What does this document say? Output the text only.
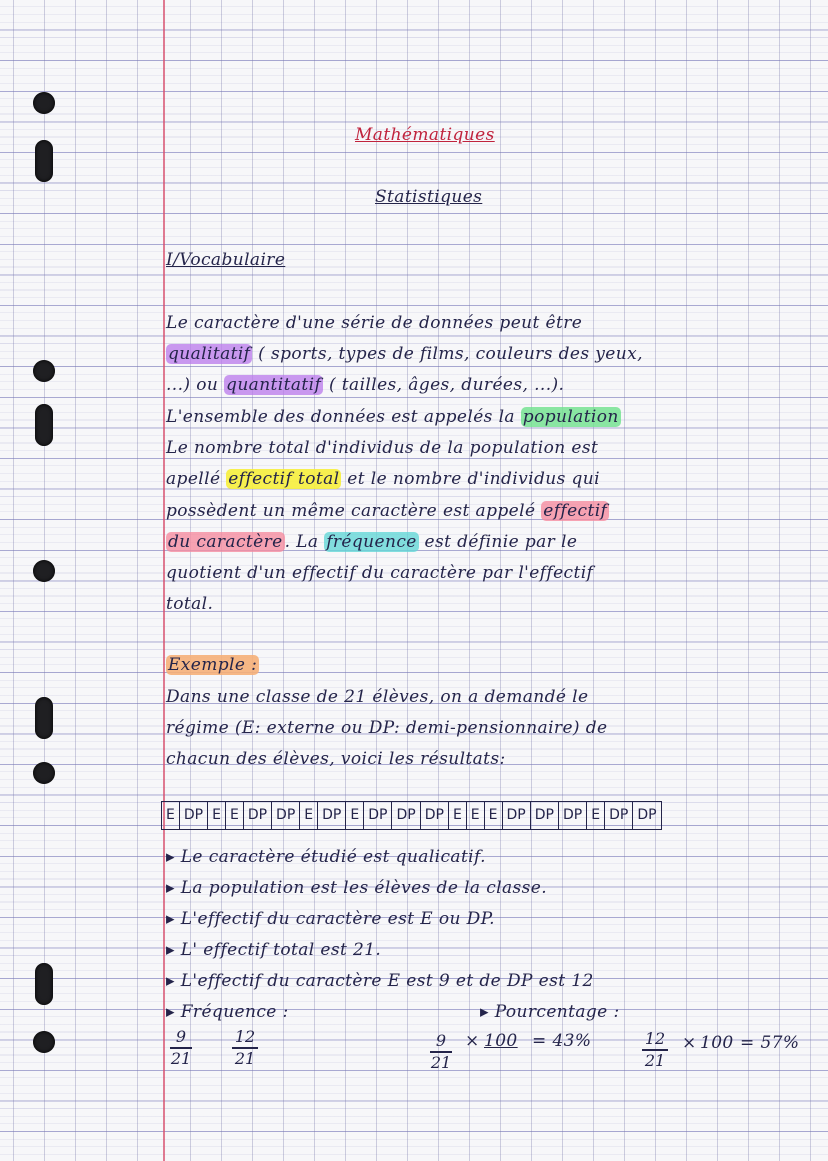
Mathématiques
Statistiques
I/Vocabulaire
Le caractère d'une série de données peut être
qualitatif ( sports, types de films, couleurs des yeux,
...) ou quantitatif ( tailles, âges, durées, ...).
L'ensemble des données est appelés la population
Le nombre total d'individus de la population est
apellé effectif total et le nombre d'individus qui
possèdent un même caractère est appelé effectif
du caractère . La fréquence est définie par le
quotient d'un effectif du caractère par l'effectif
total.
Exemple :
Dans une classe de 21 élèves, on a demandé le
régime (E: externe ou DP: demi-pensionnaire) de
chacun des élèves, voici les résultats:
E DP E E DP DP E DP E DP DP DP E E E DP DP DP E DP DP
▸ Le caractère étudié est qualicatif.
▸ La population est les élèves de la classe.
▸ L'effectif du caractère est E ou DP.
▸ L' effectif total est 21.
▸ L'effectif du caractère E est 9 et de DP est 12
▸ Fréquence :	▸ Pourcentage :
9
21
12
21
9
21
× 100 = 43%	12
21
× 100 = 57%
